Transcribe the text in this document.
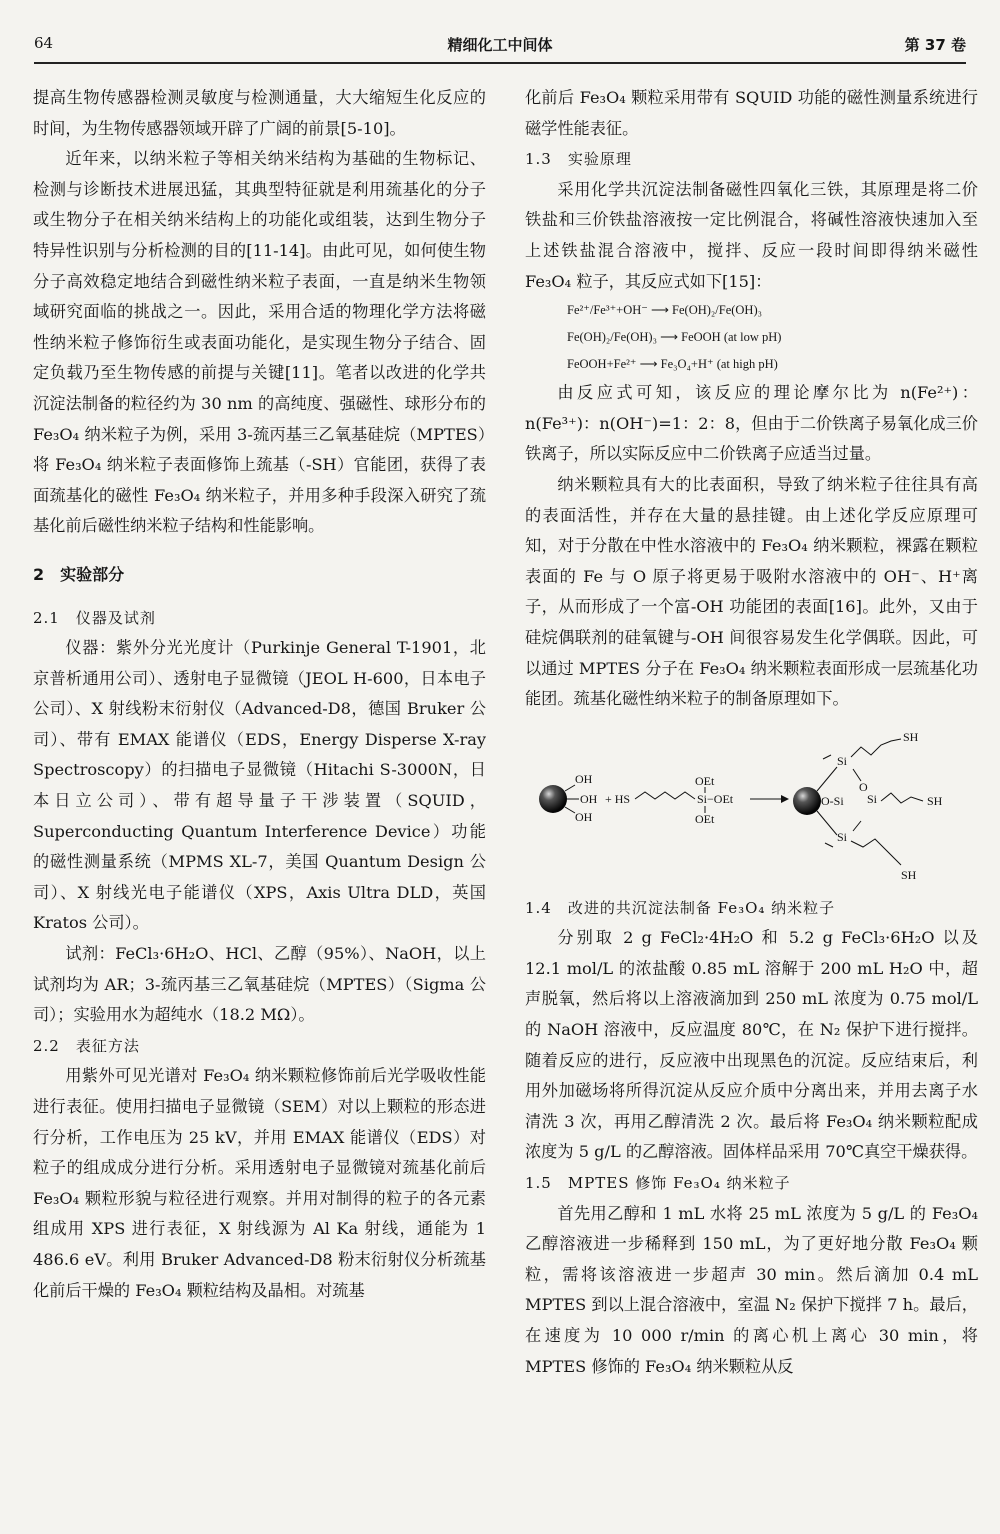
64	精细化工中间体	第 37 卷

提高生物传感器检测灵敏度与检测通量，大大缩短生化反应的时间，为生物传感器领域开辟了广阔的前景[5-10]。

近年来，以纳米粒子等相关纳米结构为基础的生物标记、检测与诊断技术进展迅猛，其典型特征就是利用巯基化的分子或生物分子在相关纳米结构上的功能化或组装，达到生物分子特异性识别与分析检测的目的[11-14]。由此可见，如何使生物分子高效稳定地结合到磁性纳米粒子表面，一直是纳米生物领域研究面临的挑战之一。因此，采用合适的物理化学方法将磁性纳米粒子修饰衍生或表面功能化，是实现生物分子结合、固定负载乃至生物传感的前提与关键[11]。笔者以改进的化学共沉淀法制备的粒径约为 30 nm 的高纯度、强磁性、球形分布的 Fe₃O₄ 纳米粒子为例，采用 3-巯丙基三乙氧基硅烷（MPTES）将 Fe₃O₄ 纳米粒子表面修饰上巯基（-SH）官能团，获得了表面巯基化的磁性 Fe₃O₄ 纳米粒子，并用多种手段深入研究了巯基化前后磁性纳米粒子结构和性能影响。

2　实验部分
2.1　仪器及试剂

仪器：紫外分光光度计（Purkinje General T-1901，北京普析通用公司）、透射电子显微镜（JEOL H-600，日本电子公司）、X 射线粉末衍射仪（Advanced-D8，德国 Bruker 公司）、带有 EMAX 能谱仪（EDS，Energy Disperse X-ray Spectroscopy）的扫描电子显微镜（Hitachi S-3000N，日本日立公司）、带有超导量子干涉装置（SQUID，Superconducting Quantum Interference Device）功能的磁性测量系统（MPMS XL-7，美国 Quantum Design 公司）、X 射线光电子能谱仪（XPS，Axis Ultra DLD，英国 Kratos 公司）。

试剂：FeCl₃·6H₂O、HCl、乙醇（95%）、NaOH，以上试剂均为 AR；3-巯丙基三乙氧基硅烷（MPTES）（Sigma 公司）；实验用水为超纯水（18.2 MΩ）。

2.2　表征方法

用紫外可见光谱对 Fe₃O₄ 纳米颗粒修饰前后光学吸收性能进行表征。使用扫描电子显微镜（SEM）对以上颗粒的形态进行分析，工作电压为 25 kV，并用 EMAX 能谱仪（EDS）对粒子的组成成分进行分析。采用透射电子显微镜对巯基化前后 Fe₃O₄ 颗粒形貌与粒径进行观察。并用对制得的粒子的各元素组成用 XPS 进行表征，X 射线源为 Al Ka 射线，通能为 1 486.6 eV。利用 Bruker Advanced-D8 粉末衍射仪分析巯基化前后干燥的 Fe₃O₄ 颗粒结构及晶相。对巯基

化前后 Fe₃O₄ 颗粒采用带有 SQUID 功能的磁性测量系统进行磁学性能表征。

1.3　实验原理

采用化学共沉淀法制备磁性四氧化三铁，其原理是将二价铁盐和三价铁盐溶液按一定比例混合，将碱性溶液快速加入至上述铁盐混合溶液中，搅拌、反应一段时间即得纳米磁性 Fe₃O₄ 粒子，其反应式如下[15]：

Fe²⁺/Fe³⁺+OH⁻ ⟶ Fe(OH)₂/Fe(OH)₃
Fe(OH)₂/Fe(OH)₃ ⟶ FeOOH (at low pH)
FeOOH+Fe²⁺ ⟶ Fe₃O₄+H⁺ (at high pH)

由反应式可知，该反应的理论摩尔比为 n(Fe²⁺)：n(Fe³⁺)：n(OH⁻)=1：2：8，但由于二价铁离子易氧化成三价铁离子，所以实际反应中二价铁离子应适当过量。

纳米颗粒具有大的比表面积，导致了纳米粒子往往具有高的表面活性，并存在大量的悬挂键。由上述化学反应原理可知，对于分散在中性水溶液中的 Fe₃O₄ 纳米颗粒，裸露在颗粒表面的 Fe 与 O 原子将更易于吸附水溶液中的 OH⁻、H⁺离子，从而形成了一个富-OH 功能团的表面[16]。此外，又由于硅烷偶联剂的硅氧键与-OH 间很容易发生化学偶联。因此，可以通过 MPTES 分子在 Fe₃O₄ 纳米颗粒表面形成一层巯基化功能团。巯基化磁性纳米粒子的制备原理如下。

OH
OH
OH
+ HS
OEt
Si−OEt
OEt
O-Si
Si
Si
O
Si
SH
SH
SH
1.4　改进的共沉淀法制备 Fe₃O₄ 纳米粒子

分别取 2 g FeCl₂·4H₂O 和 5.2 g FeCl₃·6H₂O 以及 12.1 mol/L 的浓盐酸 0.85 mL 溶解于 200 mL H₂O 中，超声脱氧，然后将以上溶液滴加到 250 mL 浓度为 0.75 mol/L 的 NaOH 溶液中，反应温度 80℃，在 N₂ 保护下进行搅拌。随着反应的进行，反应液中出现黑色的沉淀。反应结束后，利用外加磁场将所得沉淀从反应介质中分离出来，并用去离子水清洗 3 次，再用乙醇清洗 2 次。最后将 Fe₃O₄ 纳米颗粒配成浓度为 5 g/L 的乙醇溶液。固体样品采用 70℃真空干燥获得。

1.5　MPTES 修饰 Fe₃O₄ 纳米粒子

首先用乙醇和 1 mL 水将 25 mL 浓度为 5 g/L 的 Fe₃O₄ 乙醇溶液进一步稀释到 150 mL，为了更好地分散 Fe₃O₄ 颗粒，需将该溶液进一步超声 30 min。然后滴加 0.4 mL MPTES 到以上混合溶液中，室温 N₂ 保护下搅拌 7 h。最后，在速度为 10 000 r/min 的离心机上离心 30 min，将 MPTES 修饰的 Fe₃O₄ 纳米颗粒从反
